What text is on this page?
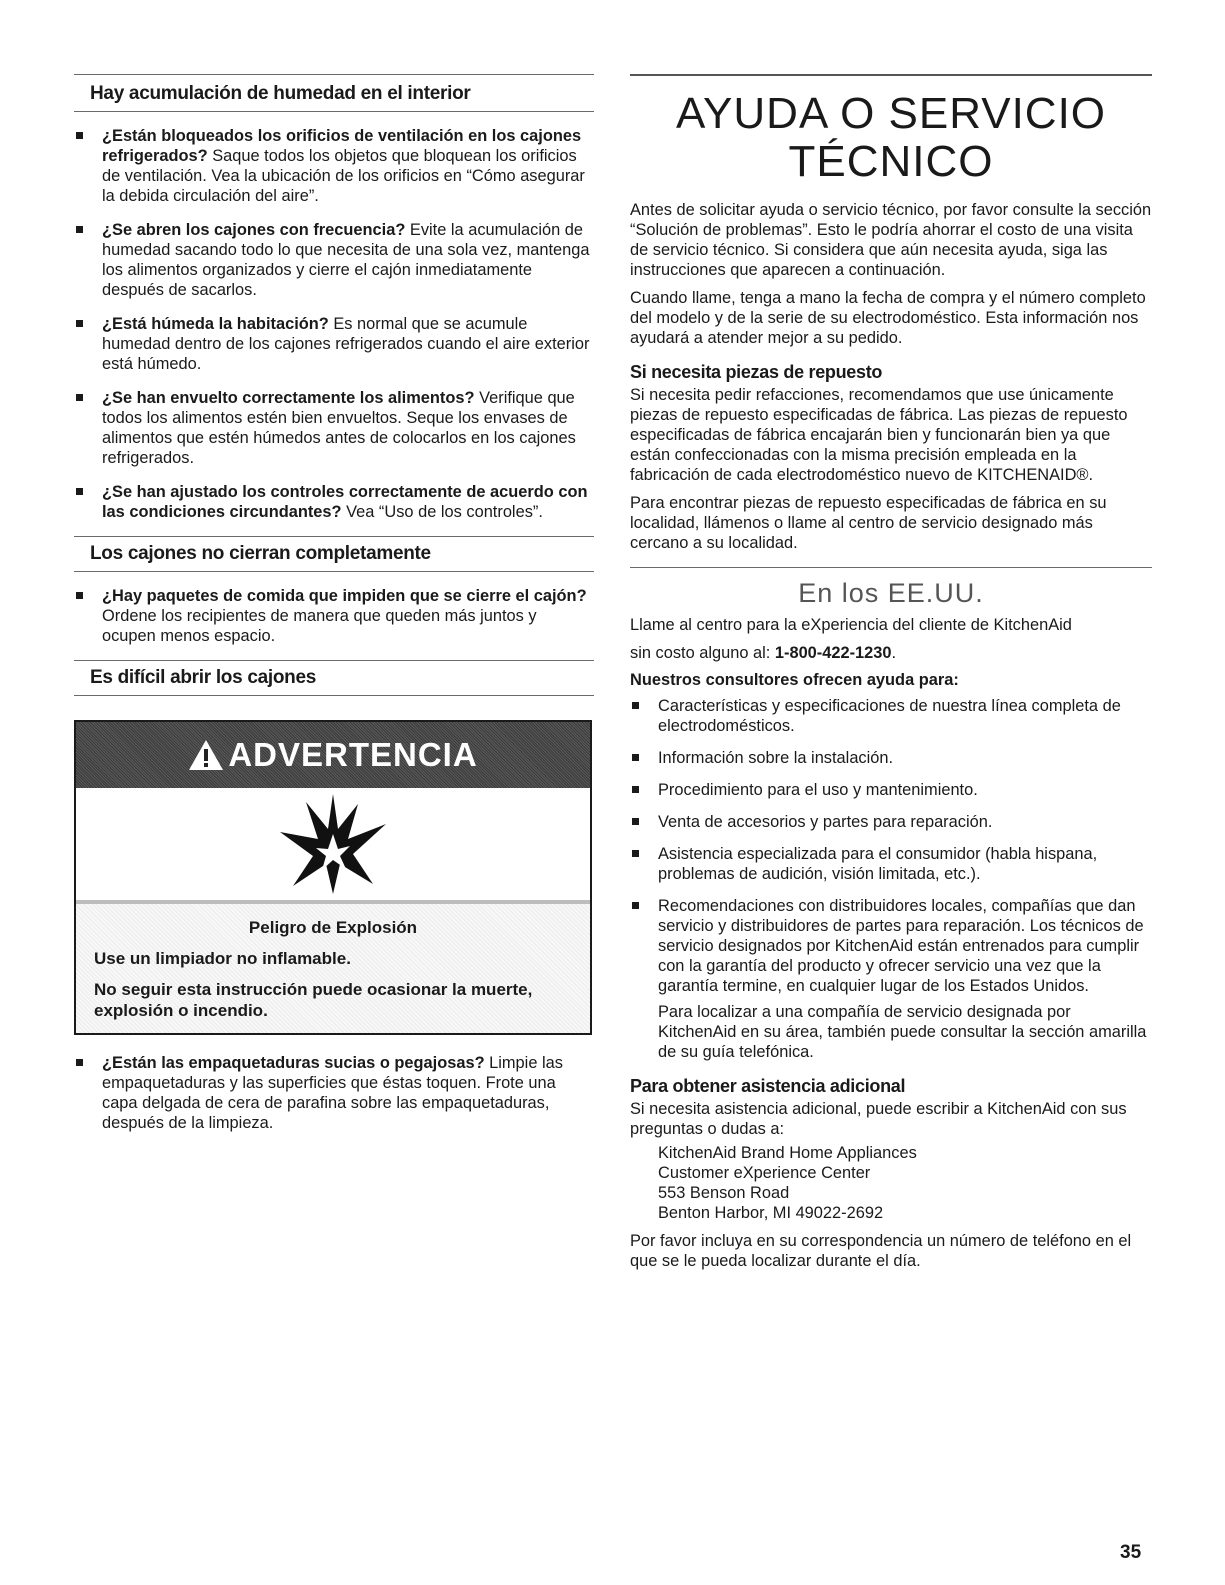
Hay acumulación de humedad en el interior
¿Están bloqueados los orificios de ventilación en los cajones refrigerados? Saque todos los objetos que bloquean los orificios de ventilación. Vea la ubicación de los orificios en “Cómo asegurar la debida circulación del aire”.
¿Se abren los cajones con frecuencia? Evite la acumulación de humedad sacando todo lo que necesita de una sola vez, mantenga los alimentos organizados y cierre el cajón inmediatamente después de sacarlos.
¿Está húmeda la habitación? Es normal que se acumule humedad dentro de los cajones refrigerados cuando el aire exterior está húmedo.
¿Se han envuelto correctamente los alimentos? Verifique que todos los alimentos estén bien envueltos. Seque los envases de alimentos que estén húmedos antes de colocarlos en los cajones refrigerados.
¿Se han ajustado los controles correctamente de acuerdo con las condiciones circundantes? Vea “Uso de los controles”.
Los cajones no cierran completamente
¿Hay paquetes de comida que impiden que se cierre el cajón? Ordene los recipientes de manera que queden más juntos y ocupen menos espacio.
Es difícil abrir los cajones
ADVERTENCIA
Peligro de Explosión

Use un limpiador no inflamable.

No seguir esta instrucción puede ocasionar la muerte, explosión o incendio.

¿Están las empaquetaduras sucias o pegajosas? Limpie las empaquetaduras y las superficies que éstas toquen. Frote una capa delgada de cera de parafina sobre las empaquetaduras, después de la limpieza.
AYUDA O SERVICIO
TÉCNICO

Antes de solicitar ayuda o servicio técnico, por favor consulte la sección “Solución de problemas”. Esto le podría ahorrar el costo de una visita de servicio técnico. Si considera que aún necesita ayuda, siga las instrucciones que aparecen a continuación.

Cuando llame, tenga a mano la fecha de compra y el número completo del modelo y de la serie de su electrodoméstico. Esta información nos ayudará a atender mejor a su pedido.

Si necesita piezas de repuesto

Si necesita pedir refacciones, recomendamos que use únicamente piezas de repuesto especificadas de fábrica. Las piezas de repuesto especificadas de fábrica encajarán bien y funcionarán bien ya que están confeccionadas con la misma precisión empleada en la fabricación de cada electrodoméstico nuevo de KITCHENAID®.

Para encontrar piezas de repuesto especificadas de fábrica en su localidad, llámenos o llame al centro de servicio designado más cercano a su localidad.

En los EE.UU.

Llame al centro para la eXperiencia del cliente de KitchenAid

sin costo alguno al: 1-800-422-1230.

Nuestros consultores ofrecen ayuda para:
Características y especificaciones de nuestra línea completa de electrodomésticos.
Información sobre la instalación.
Procedimiento para el uso y mantenimiento.
Venta de accesorios y partes para reparación.
Asistencia especializada para el consumidor (habla hispana, problemas de audición, visión limitada, etc.).
Recomendaciones con distribuidores locales, compañías que dan servicio y distribuidores de partes para reparación. Los técnicos de servicio designados por KitchenAid están entrenados para cumplir con la garantía del producto y ofrecer servicio una vez que la garantía termine, en cualquier lugar de los Estados Unidos.

Para localizar a una compañía de servicio designada por KitchenAid en su área, también puede consultar la sección amarilla de su guía telefónica.

Para obtener asistencia adicional

Si necesita asistencia adicional, puede escribir a KitchenAid con sus preguntas o dudas a:

KitchenAid Brand Home Appliances
Customer eXperience Center
553 Benson Road
Benton Harbor, MI 49022-2692

Por favor incluya en su correspondencia un número de teléfono en el que se le pueda localizar durante el día.

35
